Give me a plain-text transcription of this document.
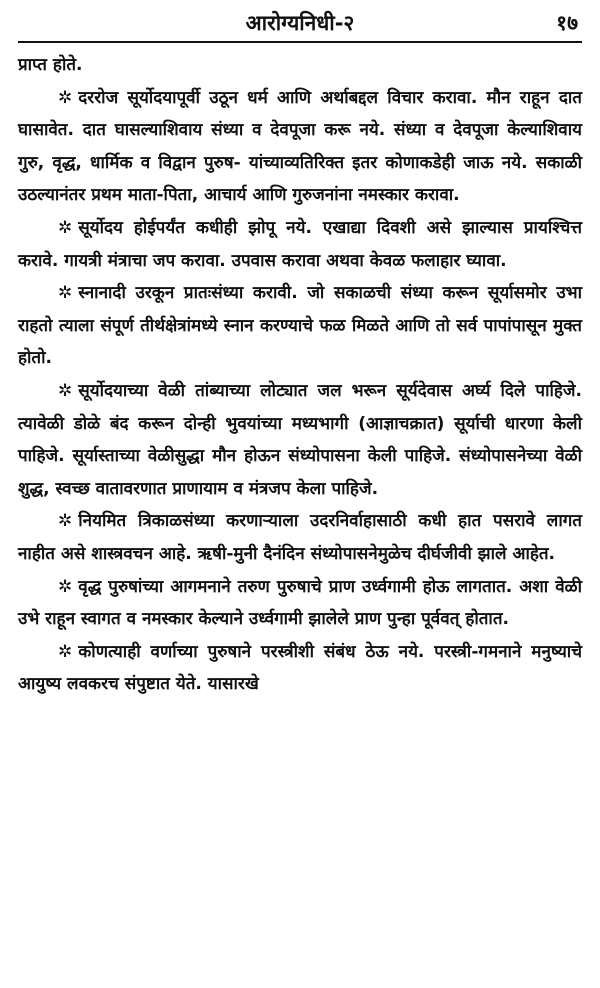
आरोग्यनिधी-२	१७

प्राप्त होते.

✲ दररोज सूर्योदयापूर्वी उठून धर्म आणि अर्थाबद्दल विचार करावा. मौन राहून दात घासावेत. दात घासल्याशिवाय संध्या व देवपूजा करू नये. संध्या व देवपूजा केल्याशिवाय गुरु, वृद्ध, धार्मिक व विद्वान पुरुष- यांच्याव्यतिरिक्त इतर कोणाकडेही जाऊ नये. सकाळी उठल्यानंतर प्रथम माता-पिता, आचार्य आणि गुरुजनांना नमस्कार करावा.

✲ सूर्योदय होईपर्यंत कधीही झोपू नये. एखाद्या दिवशी असे झाल्यास प्रायश्चित्त करावे. गायत्री मंत्राचा जप करावा. उपवास करावा अथवा केवळ फलाहार घ्यावा.

✲ स्नानादी उरकून प्रातःसंध्या करावी. जो सकाळची संध्या करून सूर्यासमोर उभा राहतो त्याला संपूर्ण तीर्थक्षेत्रांमध्ये स्नान करण्याचे फळ मिळते आणि तो सर्व पापांपासून मुक्त होतो.

✲ सूर्योदयाच्या वेळी तांब्याच्या लोट्यात जल भरून सूर्यदेवास अर्घ्य दिले पाहिजे. त्यावेळी डोळे बंद करून दोन्ही भुवयांच्या मध्यभागी (आज्ञाचक्रात) सूर्याची धारणा केली पाहिजे. सूर्यास्ताच्या वेळीसुद्धा मौन होऊन संध्योपासना केली पाहिजे. संध्योपासनेच्या वेळी शुद्ध, स्वच्छ वातावरणात प्राणायाम व मंत्रजप केला पाहिजे.

✲ नियमित त्रिकाळसंध्या करणाऱ्याला उदरनिर्वाहासाठी कधी हात पसरावे लागत नाहीत असे शास्त्रवचन आहे. ऋषी-मुनी दैनंदिन संध्योपासनेमुळेच दीर्घजीवी झाले आहेत.

✲ वृद्ध पुरुषांच्या आगमनाने तरुण पुरुषाचे प्राण उर्ध्वगामी होऊ लागतात. अशा वेळी उभे राहून स्वागत व नमस्कार केल्याने उर्ध्वगामी झालेले प्राण पुन्हा पूर्ववत् होतात.

✲ कोणत्याही वर्णाच्या पुरुषाने परस्त्रीशी संबंध ठेऊ नये. परस्त्री-गमनाने मनुष्याचे आयुष्य लवकरच संपुष्टात येते. यासारखे
